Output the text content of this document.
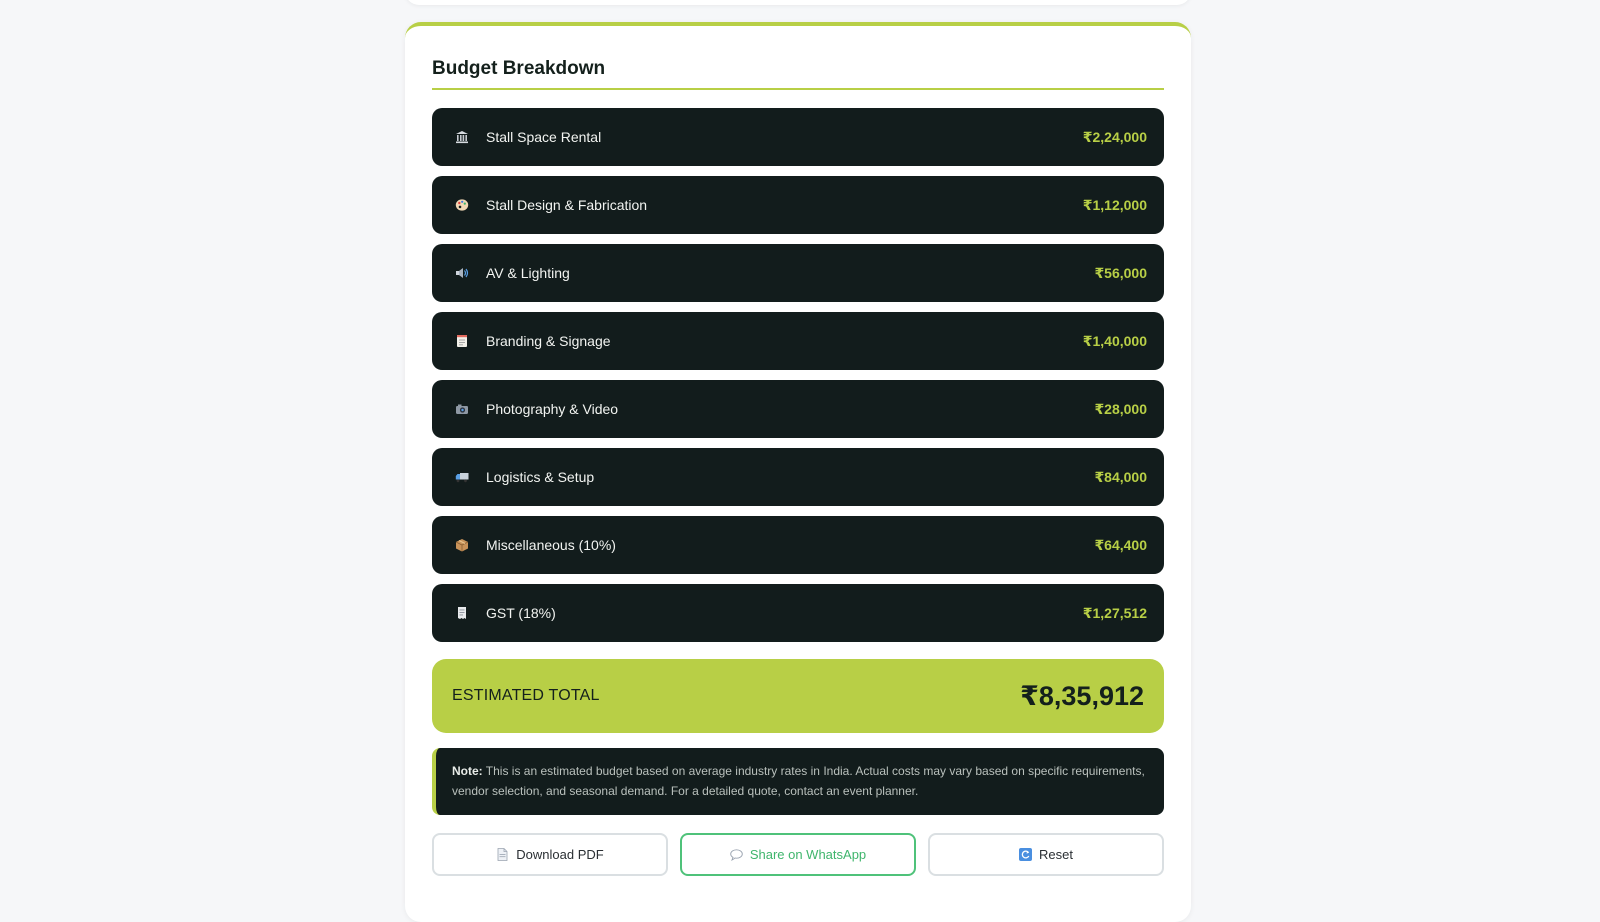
Budget Breakdown
Stall Space Rental	₹2,24,000
Stall Design & Fabrication	₹1,12,000
AV & Lighting	₹56,000
Branding & Signage	₹1,40,000
Photography & Video	₹28,000
Logistics & Setup	₹84,000
Miscellaneous (10%)	₹64,400
GST (18%)	₹1,27,512
ESTIMATED TOTAL	₹8,35,912
Note: This is an estimated budget based on average industry rates in India. Actual costs may vary based on specific requirements, vendor selection, and seasonal demand. For a detailed quote, contact an event planner.
Download PDF	Share on WhatsApp	Reset
